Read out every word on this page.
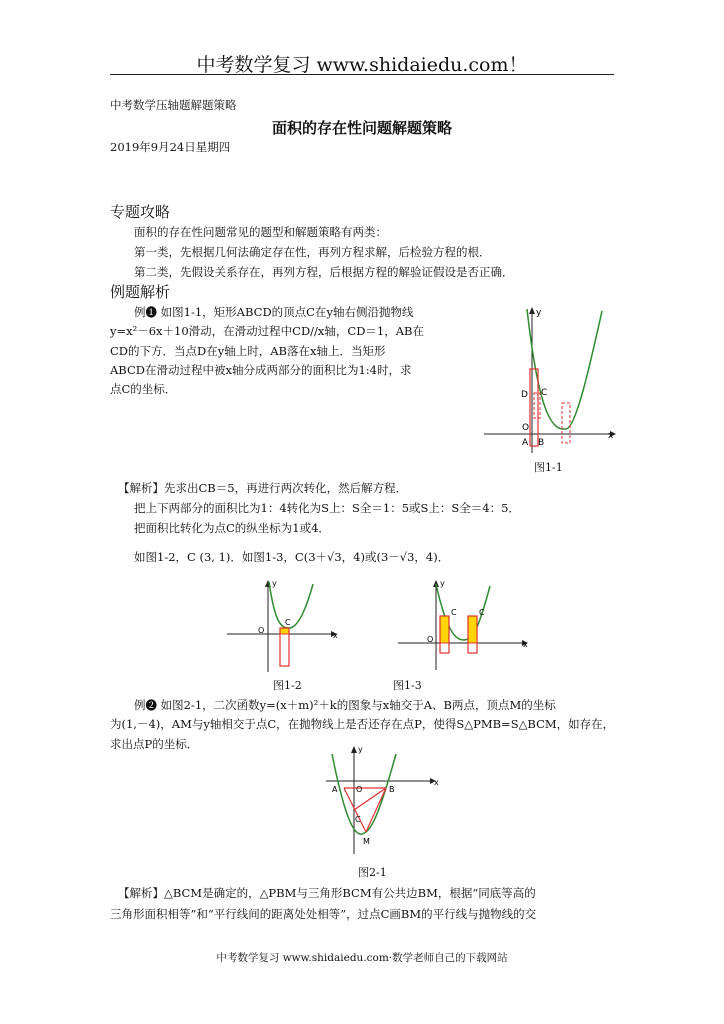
中考数学复习 www.shidaiedu.com！
中考数学压轴题解题策略
面积的存在性问题解题策略
2019年9月24日星期四
专题攻略
面积的存在性问题常见的题型和解题策略有两类：
第一类，先根据几何法确定存在性，再列方程求解，后检验方程的根．
第二类，先假设关系存在，再列方程，后根据方程的解验证假设是否正确．
例题解析
例❶ 如图1-1，矩形ABCD的顶点C在y轴右侧沿抛物线
y=x²－6x＋10滑动，在滑动过程中CD//x轴，CD＝1，AB在
CD的下方．当点D在y轴上时，AB落在x轴上．当矩形
ABCD在滑动过程中被x轴分成两部分的面积比为1:4时，求
点C的坐标．
y
x
D C
O
A B
图1-1
【解析】先求出CB＝5，再进行两次转化，然后解方程．
把上下两部分的面积比为1：4转化为S上：S全＝1：5或S上：S全＝4：5．
把面积比转化为点C的纵坐标为1或4．
如图1-2，C (3, 1)．如图1-3，C(3＋√3，4)或(3－√3，4)．
y
x
O
C
图1-2
y
x
O
C	C
图1-3
例❷ 如图2-1，二次函数y=(x＋m)²＋k的图象与x轴交于A、B两点，顶点M的坐标
为(1,－4)，AM与y轴相交于点C，在抛物线上是否还存在点P，使得S△PMB=S△BCM，如存在，
求出点P的坐标．	y
x
A O	B
C
M
图2-1
【解析】△BCM是确定的，△PBM与三角形BCM有公共边BM，根据“同底等高的
三角形面积相等”和“平行线间的距离处处相等”，过点C画BM的平行线与抛物线的交
中考数学复习 www.shidaiedu.com·数学老师自己的下载网站
